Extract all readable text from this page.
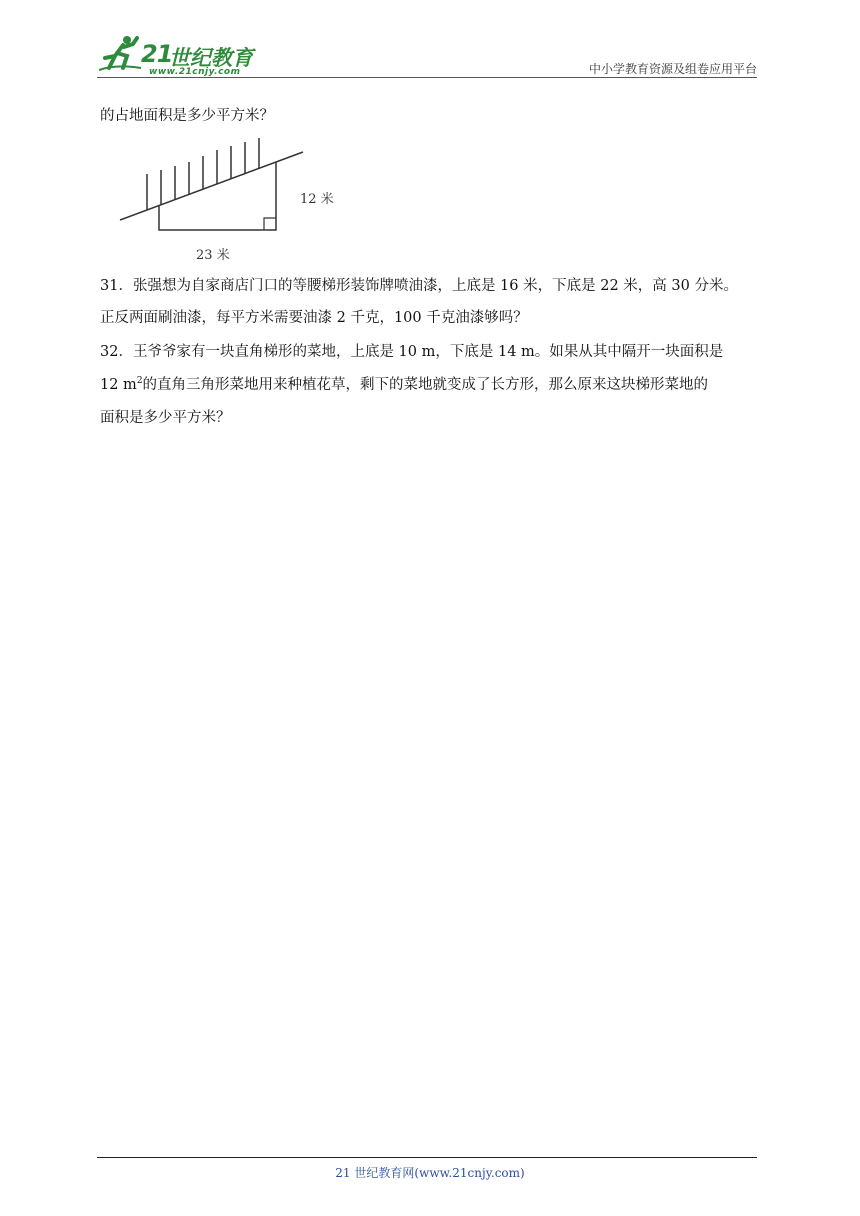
21
世纪教育
www.21cnjy.com	中小学教育资源及组卷应用平台
的占地面积是多少平方米？
12 米
23 米
31．张强想为自家商店门口的等腰梯形装饰牌喷油漆，上底是 16 米，下底是 22 米，高 30 分米。
正反两面刷油漆，每平方米需要油漆 2 千克，100 千克油漆够吗？
32．王爷爷家有一块直角梯形的菜地，上底是 10 m，下底是 14 m。如果从其中隔开一块面积是
12 $m^2$的直角三角形菜地用来种植花草，剩下的菜地就变成了长方形，那么原来这块梯形菜地的
面积是多少平方米？
21 世纪教育网(www.21cnjy.com)
